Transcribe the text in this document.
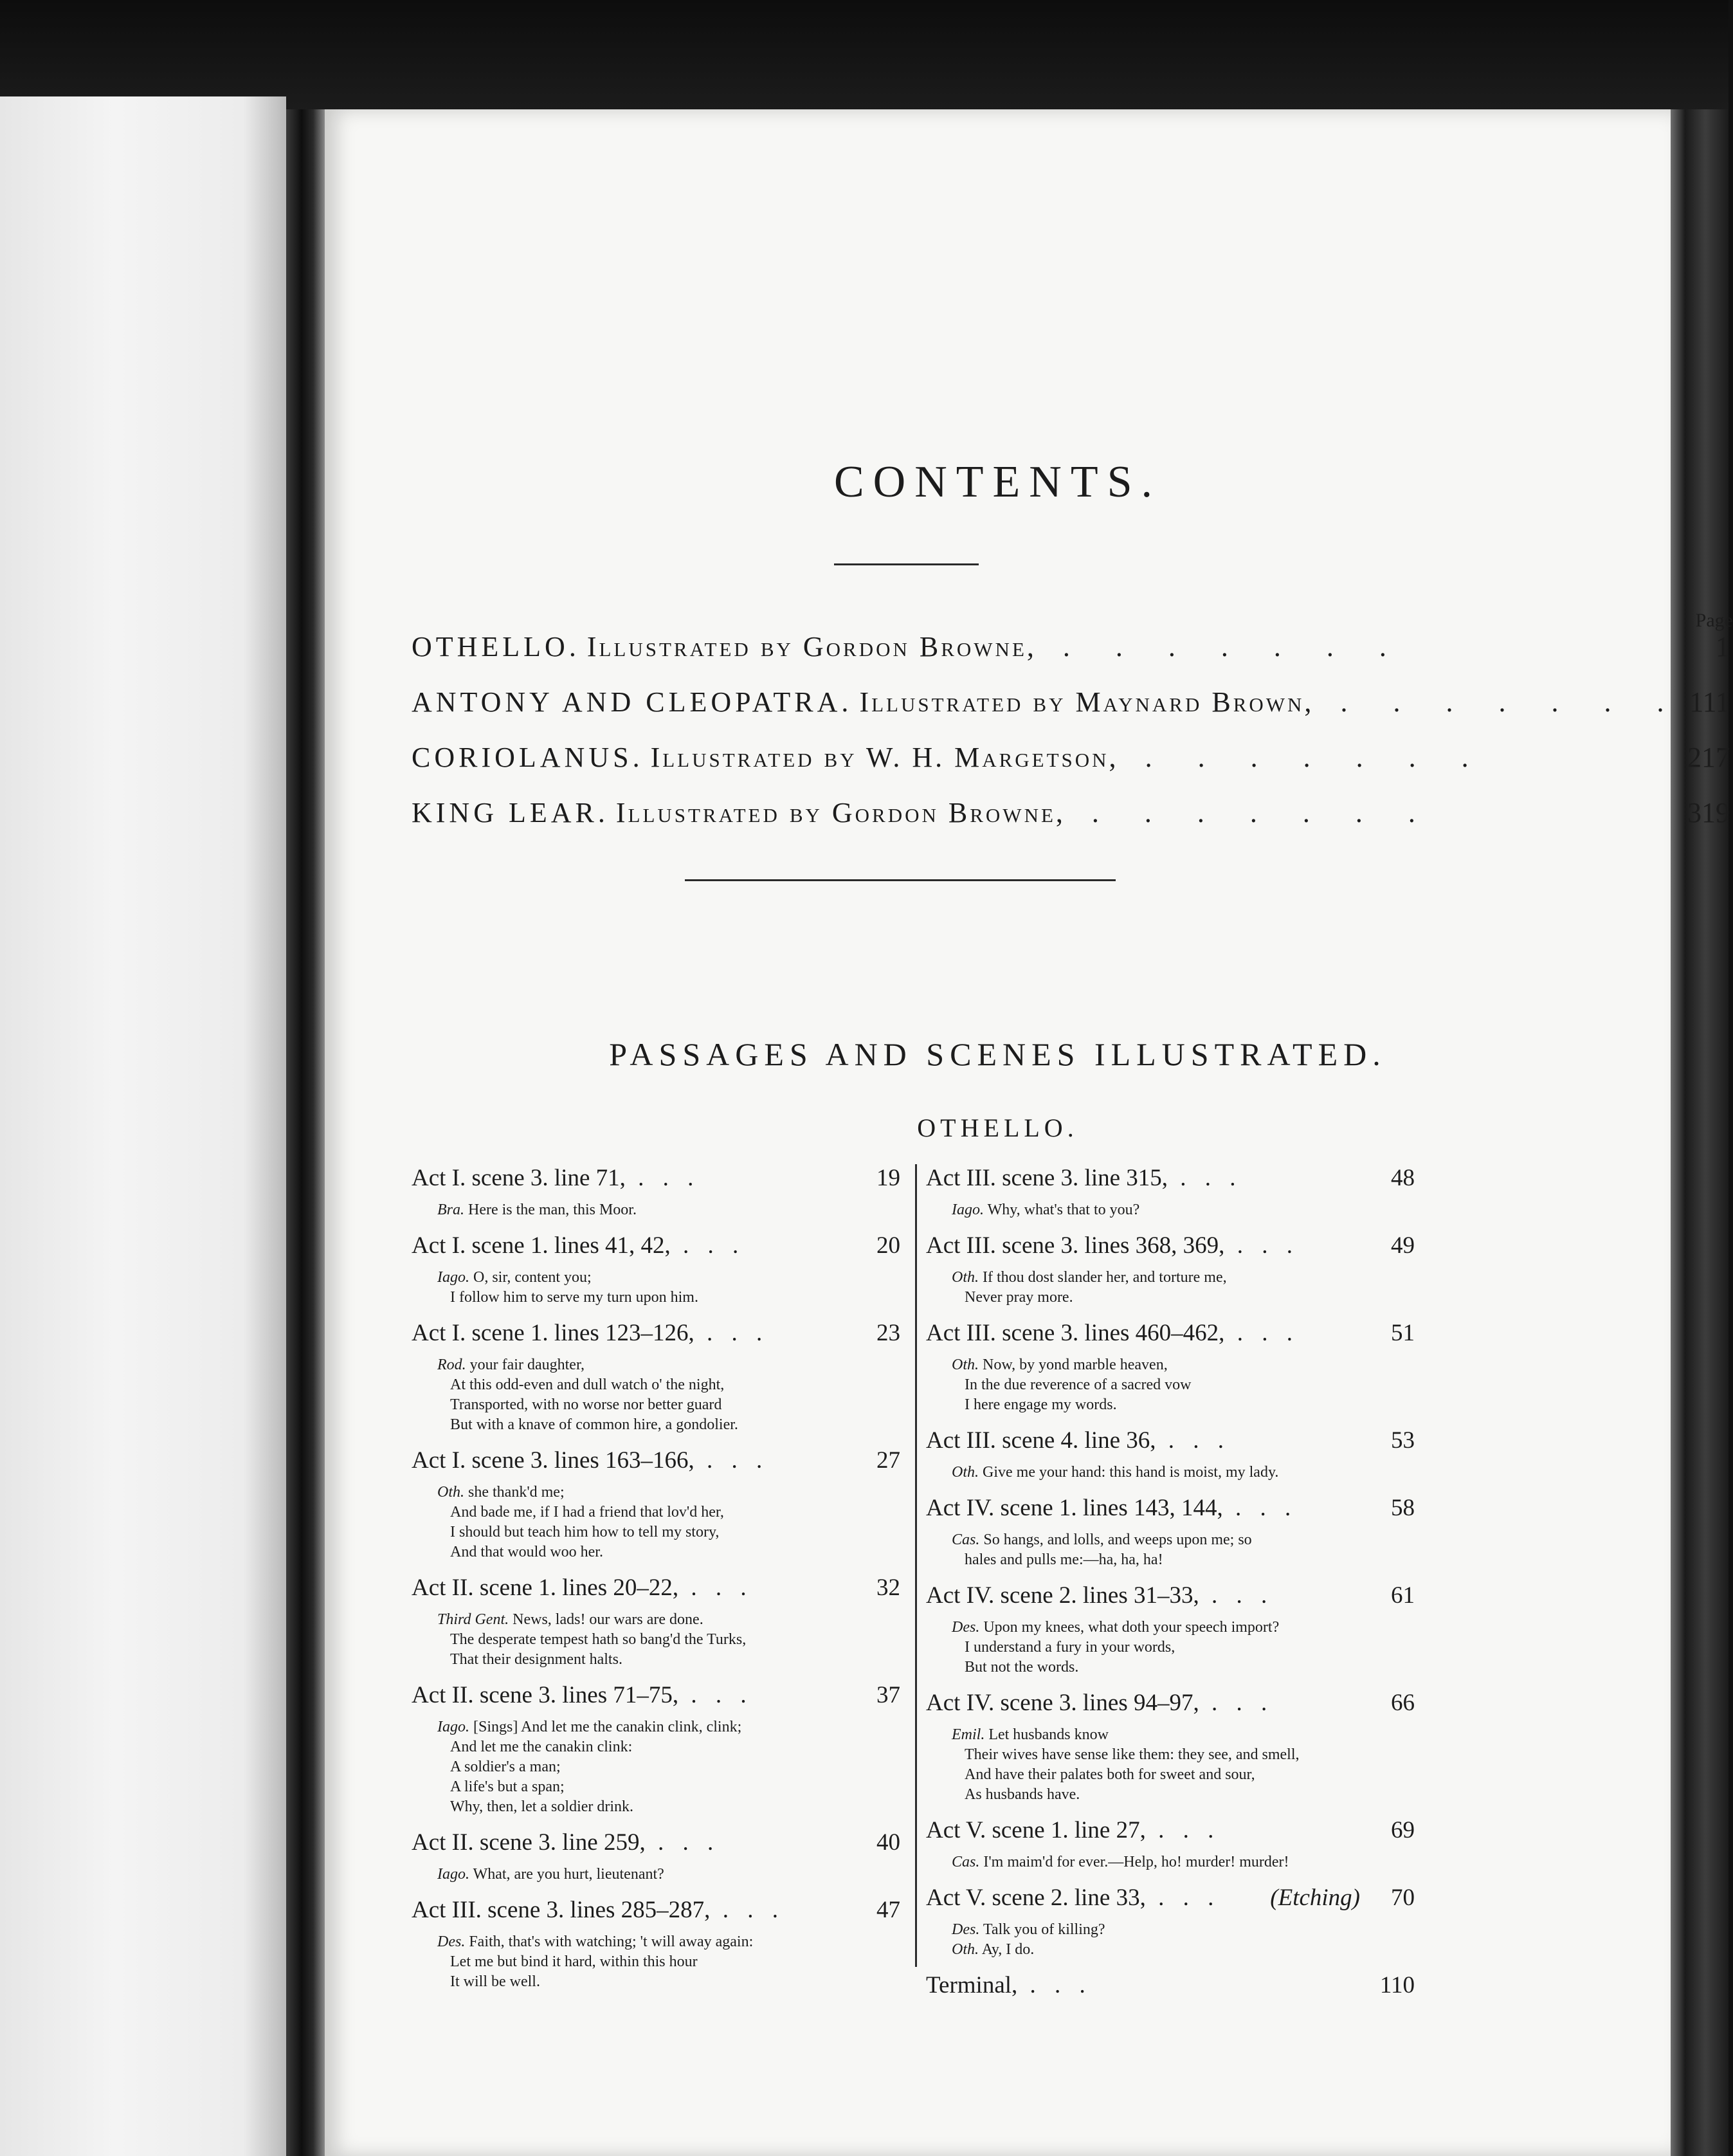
CONTENTS.
Page
OTHELLO. Illustrated by Gordon Browne, . . . . . . .	1
ANTONY AND CLEOPATRA. Illustrated by Maynard Brown, . . . . . . . 111
CORIOLANUS. Illustrated by W. H. Margetson, . . . . . . .	217
KING LEAR. Illustrated by Gordon Browne, . . . . . . .	319
PASSAGES AND SCENES ILLUSTRATED.
OTHELLO.
Act I. scene 3. line 71, . . .	19
Bra. Here is the man, this Moor.
Act I. scene 1. lines 41, 42, . . .	20
Iago. O, sir, content you;
I follow him to serve my turn upon him.
Act I. scene 1. lines 123–126, . . .	23
Rod. your fair daughter,
At this odd-even and dull watch o' the night,
Transported, with no worse nor better guard
But with a knave of common hire, a gondolier.
Act I. scene 3. lines 163–166, . . .	27
Oth. she thank'd me;
And bade me, if I had a friend that lov'd her,
I should but teach him how to tell my story,
And that would woo her.
Act II. scene 1. lines 20–22, . . .	32
Third Gent. News, lads! our wars are done.
The desperate tempest hath so bang'd the Turks,
That their designment halts.
Act II. scene 3. lines 71–75, . . .	37
Iago. [Sings] And let me the canakin clink, clink;
And let me the canakin clink:
A soldier's a man;
A life's but a span;
Why, then, let a soldier drink.
Act II. scene 3. line 259, . . .	40
Iago. What, are you hurt, lieutenant?
Act III. scene 3. lines 285–287, . . .	47
Des. Faith, that's with watching; 't will away again:
Let me but bind it hard, within this hour
It will be well.
Act III. scene 3. line 315, . . .	48
Iago. Why, what's that to you?
Act III. scene 3. lines 368, 369, . . .	49
Oth. If thou dost slander her, and torture me,
Never pray more.
Act III. scene 3. lines 460–462, . . .	51
Oth. Now, by yond marble heaven,
In the due reverence of a sacred vow
I here engage my words.
Act III. scene 4. line 36, . . .	53
Oth. Give me your hand: this hand is moist, my lady.
Act IV. scene 1. lines 143, 144, . . .	58
Cas. So hangs, and lolls, and weeps upon me; so
hales and pulls me:—ha, ha, ha!
Act IV. scene 2. lines 31–33, . . .	61
Des. Upon my knees, what doth your speech import?
I understand a fury in your words,
But not the words.
Act IV. scene 3. lines 94–97, . . .	66
Emil. Let husbands know
Their wives have sense like them: they see, and smell,
And have their palates both for sweet and sour,
As husbands have.
Act V. scene 1. line 27, . . .	69
Cas. I'm maim'd for ever.—Help, ho! murder! murder!
Act V. scene 2. line 33, . . . (Etching) 70
Des. Talk you of killing?
Oth. Ay, I do.
Terminal, . . .	110
